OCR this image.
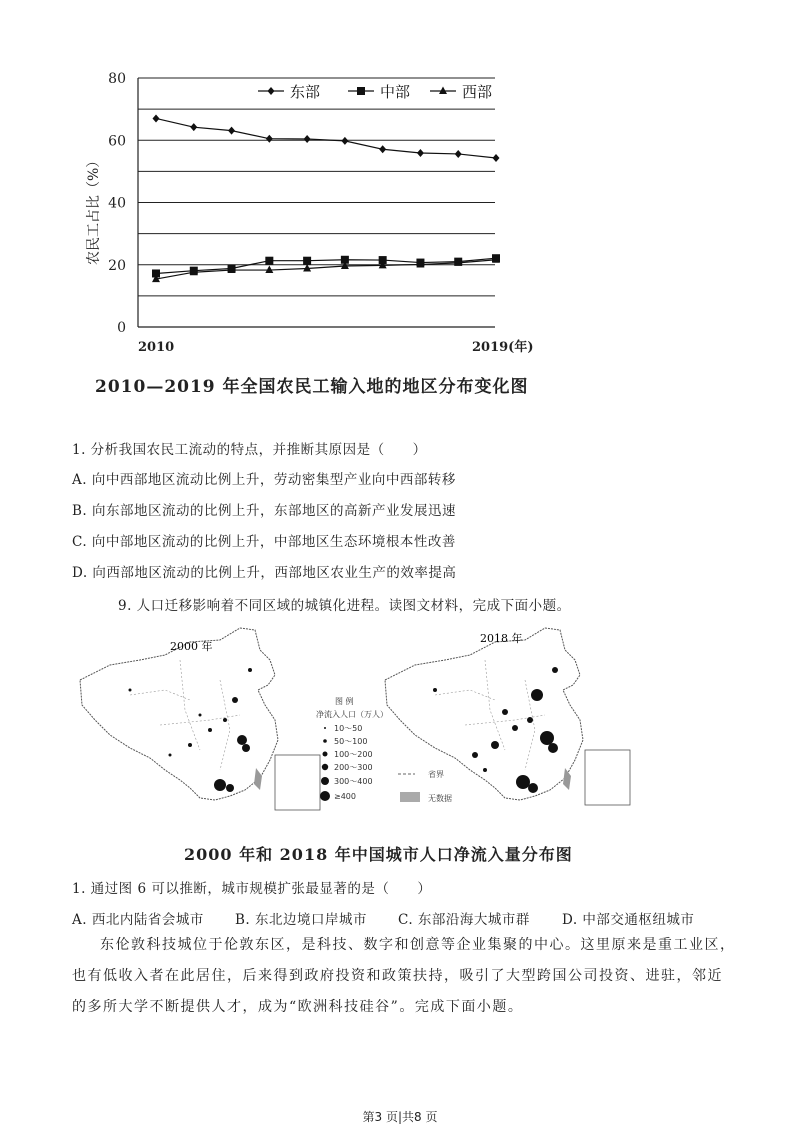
80
60
40
20
0
2010	2019(年)
东部	中部	西部
农民工占比（%）
2010—2019 年全国农民工输入地的地区分布变化图
1. 分析我国农民工流动的特点，并推断其原因是（　　）
A. 向中西部地区流动比例上升，劳动密集型产业向中西部转移
B. 向东部地区流动的比例上升，东部地区的高新产业发展迅速
C. 向中部地区流动的比例上升，中部地区生态环境根本性改善
D. 向西部地区流动的比例上升，西部地区农业生产的效率提高
9. 人口迁移影响着不同区域的城镇化进程。读图文材料，完成下面小题。
2000 年
2018 年
图 例
净流入人口（万人）
10～50
50～100
100～200
200～300
300～400
≥400
省界
无数据
2000 年和 2018 年中国城市人口净流入量分布图
1. 通过图 6 可以推断，城市规模扩张最显著的是（　　）
A. 西北内陆省会城市 B. 东北边境口岸城市 C. 东部沿海大城市群 D. 中部交通枢纽城市
东伦敦科技城位于伦敦东区，是科技、数字和创意等企业集聚的中心。这里原来是重工业区，也有低收入者在此居住，后来得到政府投资和政策扶持，吸引了大型跨国公司投资、进驻，邻近的多所大学不断提供人才，成为“欧洲科技硅谷”。完成下面小题。
第3 页|共8 页
